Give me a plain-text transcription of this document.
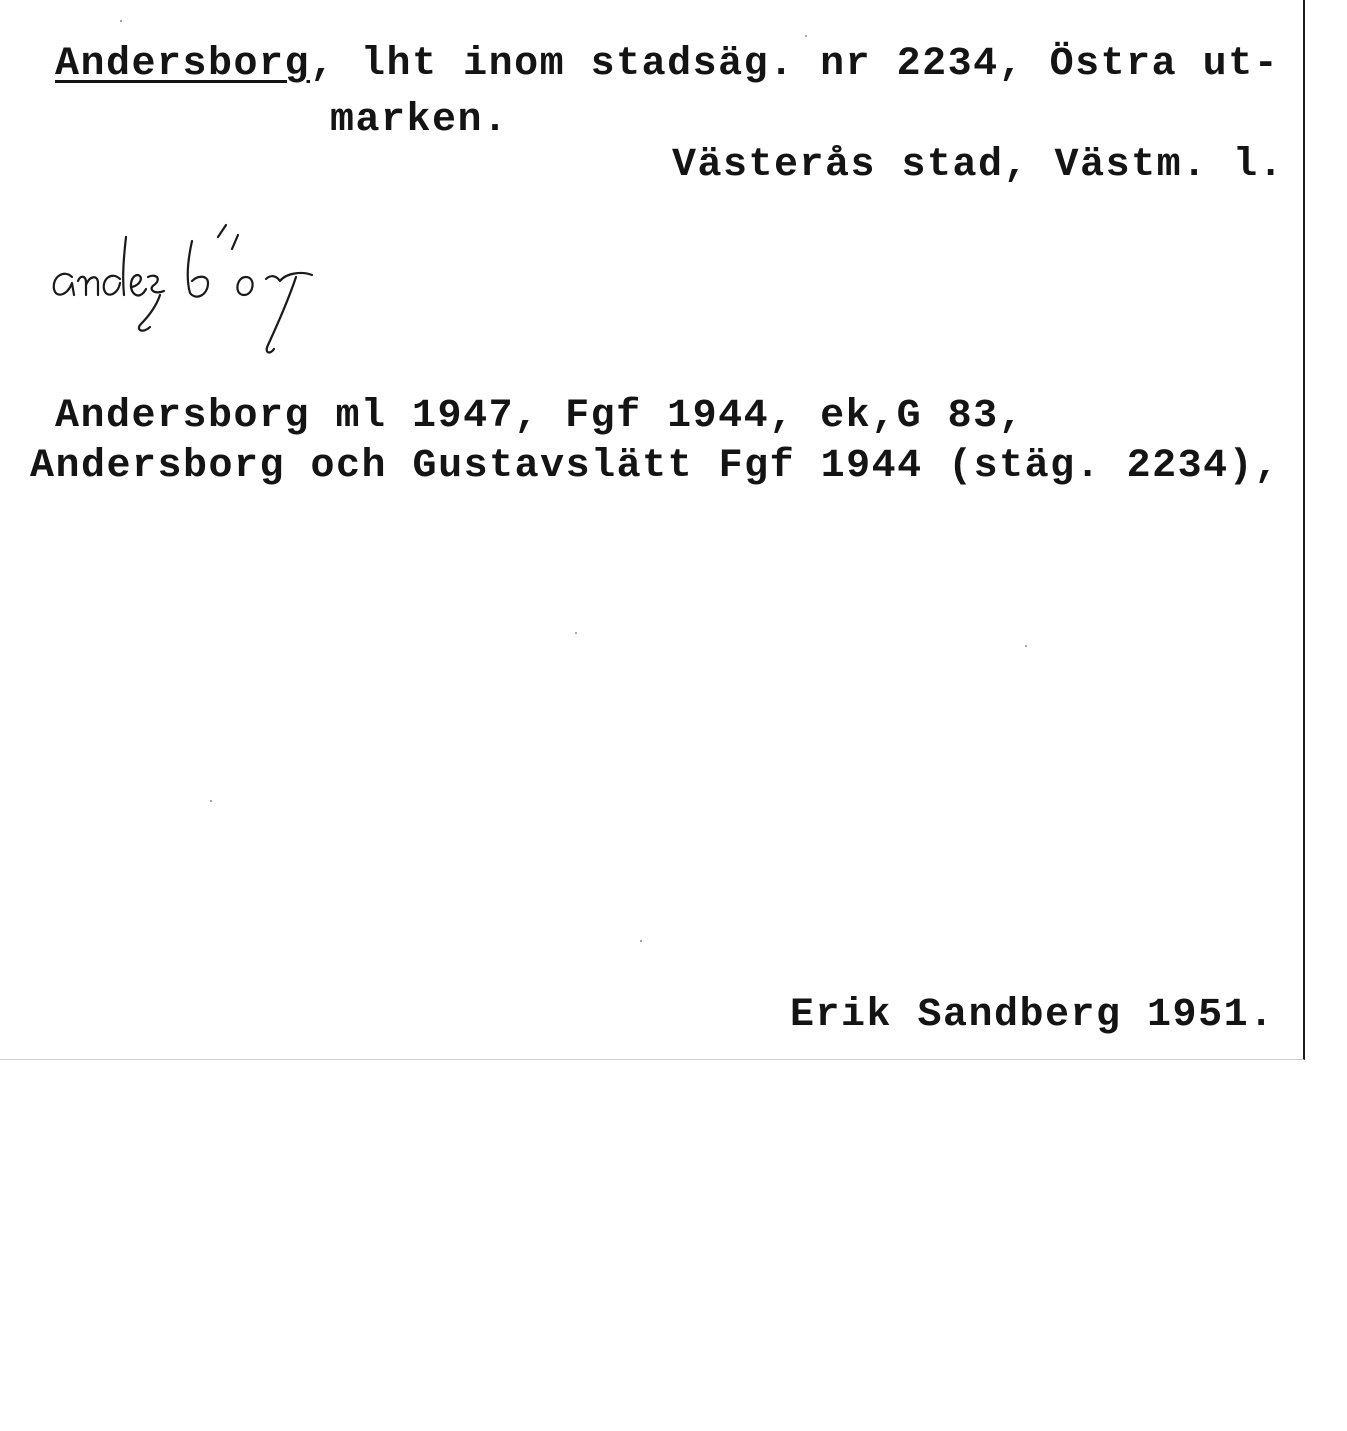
Andersborg, lht inom stadsäg. nr 2234, Östra ut-
marken.
Västerås stad, Västm. l.
andesbörj
Andersborg ml 1947, Fgf 1944, ek,G 83,
Andersborg och Gustavslätt Fgf 1944 (stäg. 2234),
Erik Sandberg 1951.
